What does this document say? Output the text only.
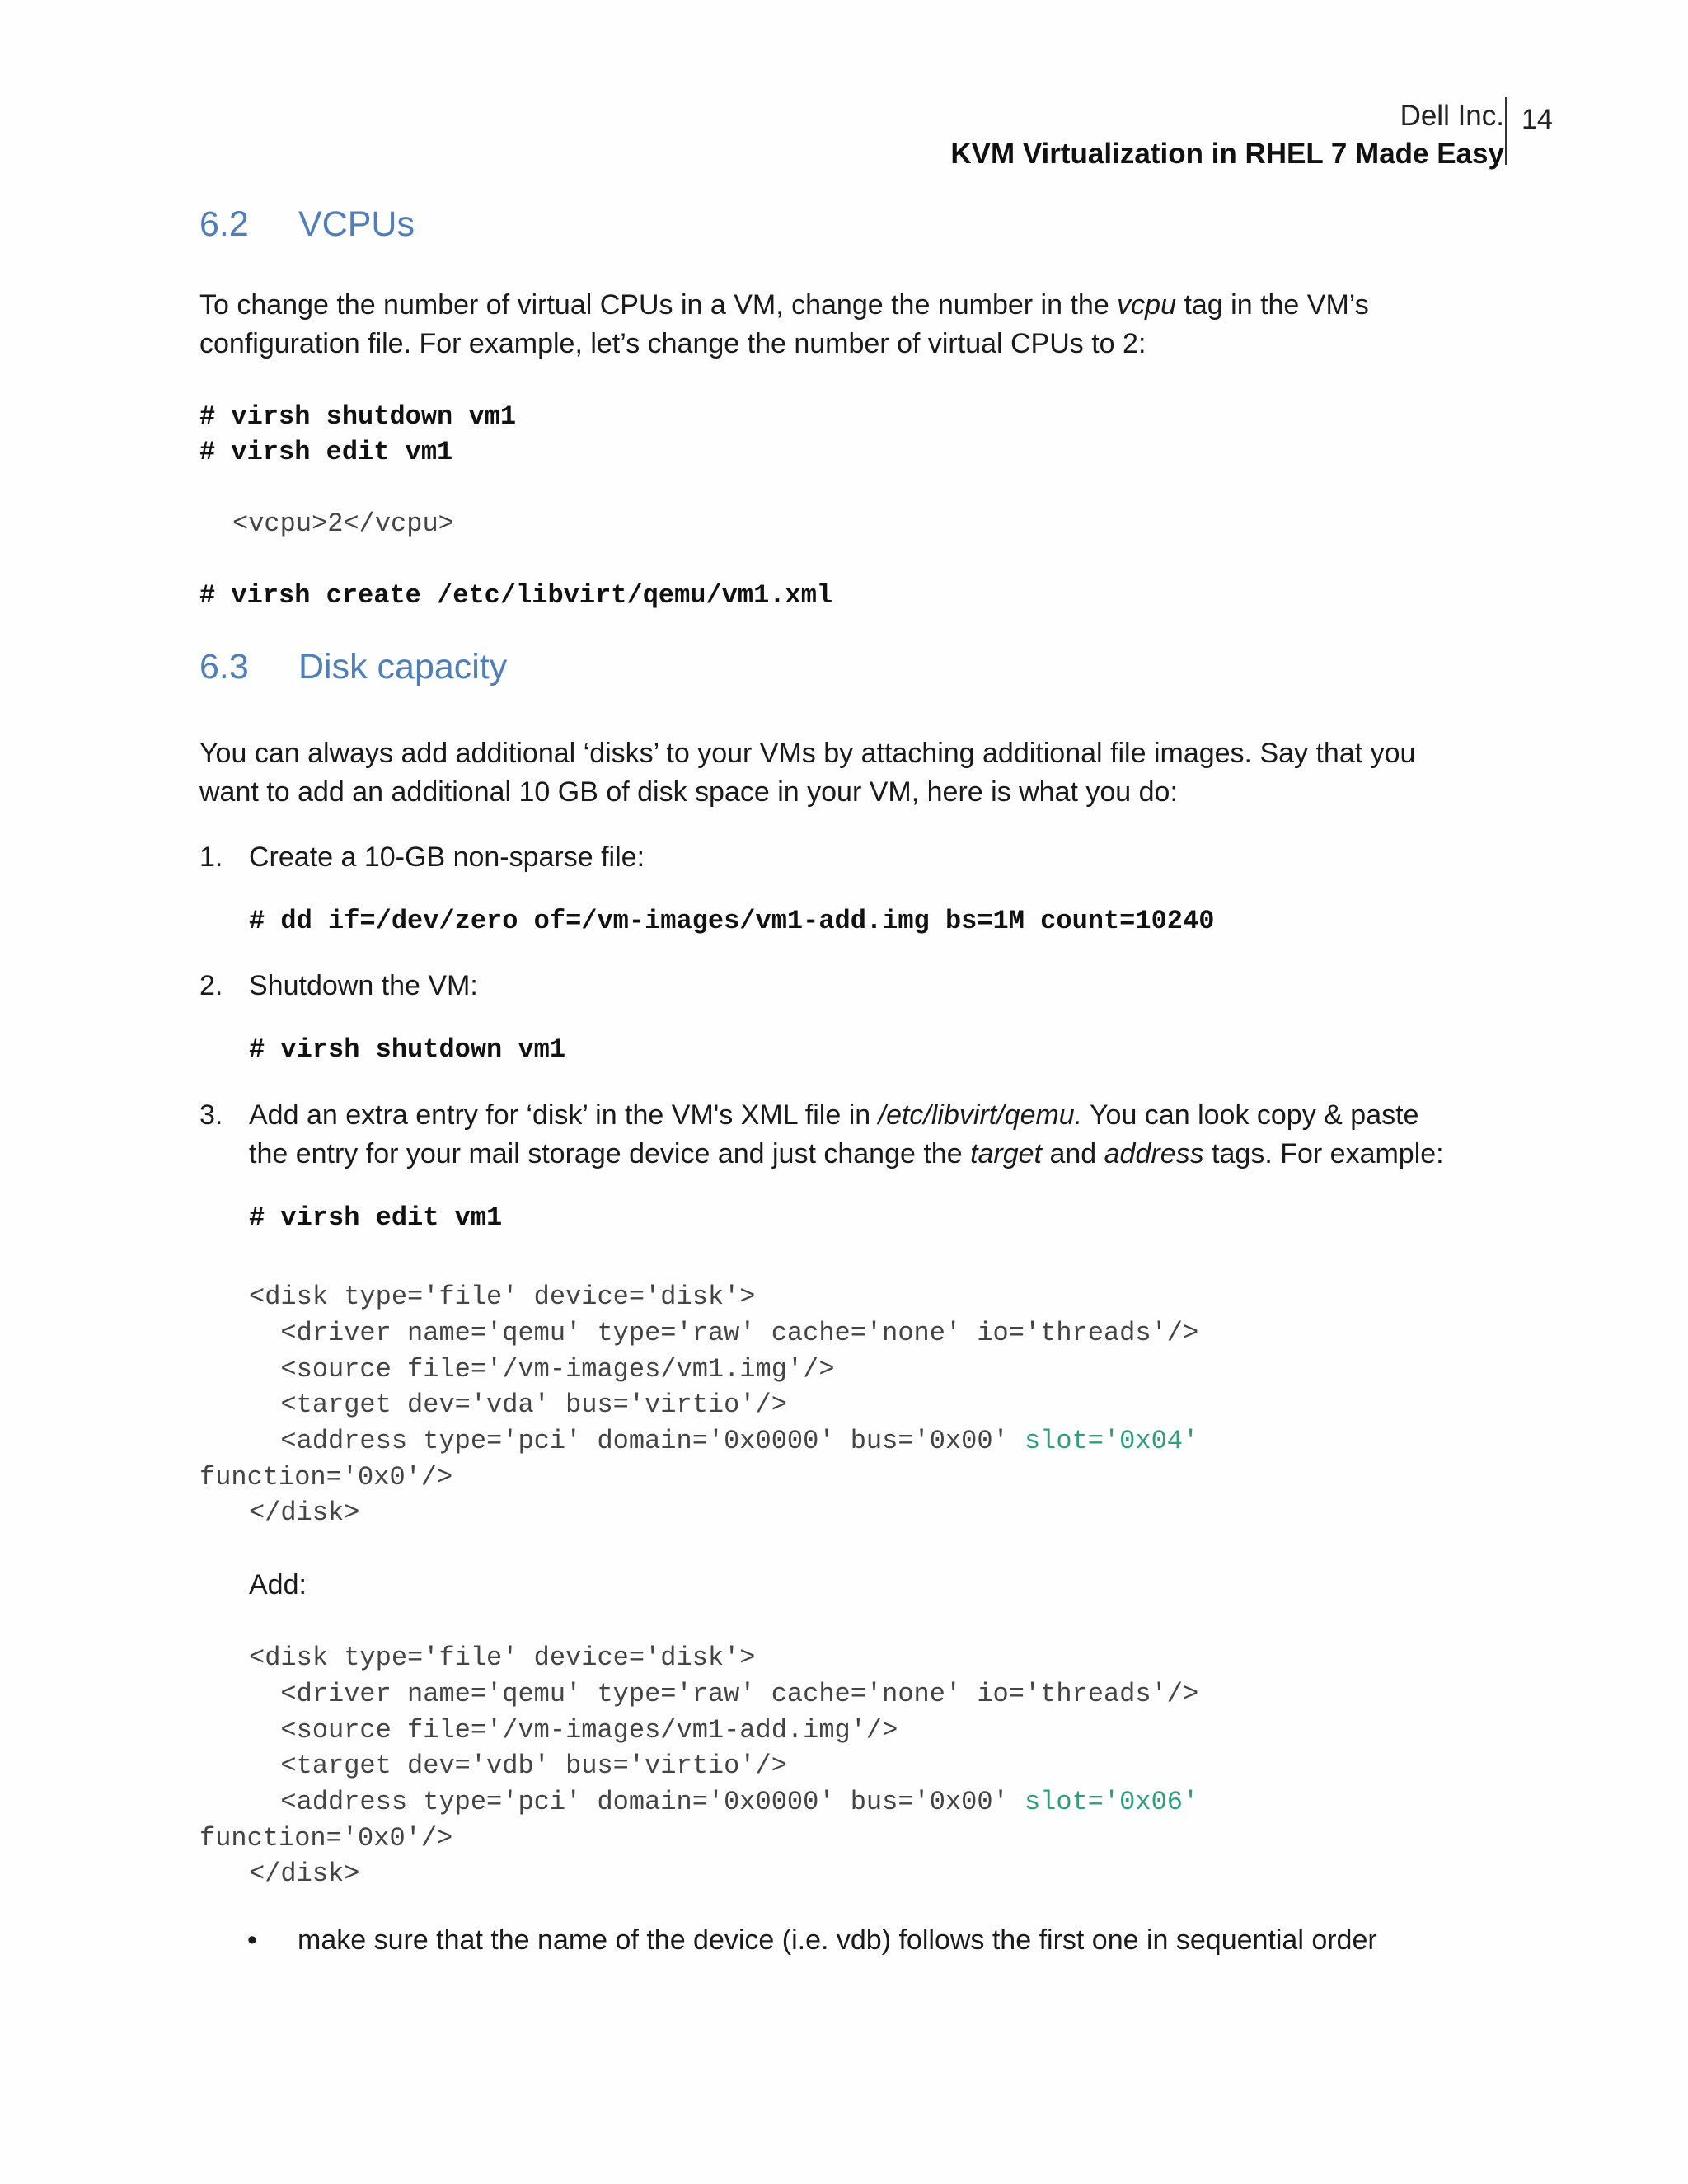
Dell Inc.
KVM Virtualization in RHEL 7 Made Easy
14
6.2 VCPUs
To change the number of virtual CPUs in a VM, change the number in the vcpu tag in the VM’s
configuration file. For example, let’s change the number of virtual CPUs to 2:
# virsh shutdown vm1
# virsh edit vm1
<vcpu>2</vcpu>
# virsh create /etc/libvirt/qemu/vm1.xml
6.3 Disk capacity
You can always add additional ‘disks’ to your VMs by attaching additional file images. Say that you
want to add an additional 10 GB of disk space in your VM, here is what you do:
1. Create a 10-GB non-sparse file:
# dd if=/dev/zero of=/vm-images/vm1-add.img bs=1M count=10240
2. Shutdown the VM:
# virsh shutdown vm1
3. Add an extra entry for ‘disk’ in the VM's XML file in /etc/libvirt/qemu. You can look copy & paste
the entry for your mail storage device and just change the target and address tags. For example:
# virsh edit vm1
<disk type='file' device='disk'>
<driver name='qemu' type='raw' cache='none' io='threads'/>
<source file='/vm-images/vm1.img'/>
<target dev='vda' bus='virtio'/>
<address type='pci' domain='0x0000' bus='0x00' slot='0x04'
function='0x0'/>
</disk>
Add:
<disk type='file' device='disk'>
<driver name='qemu' type='raw' cache='none' io='threads'/>
<source file='/vm-images/vm1-add.img'/>
<target dev='vdb' bus='virtio'/>
<address type='pci' domain='0x0000' bus='0x00' slot='0x06'
function='0x0'/>
</disk>
• make sure that the name of the device (i.e. vdb) follows the first one in sequential order
